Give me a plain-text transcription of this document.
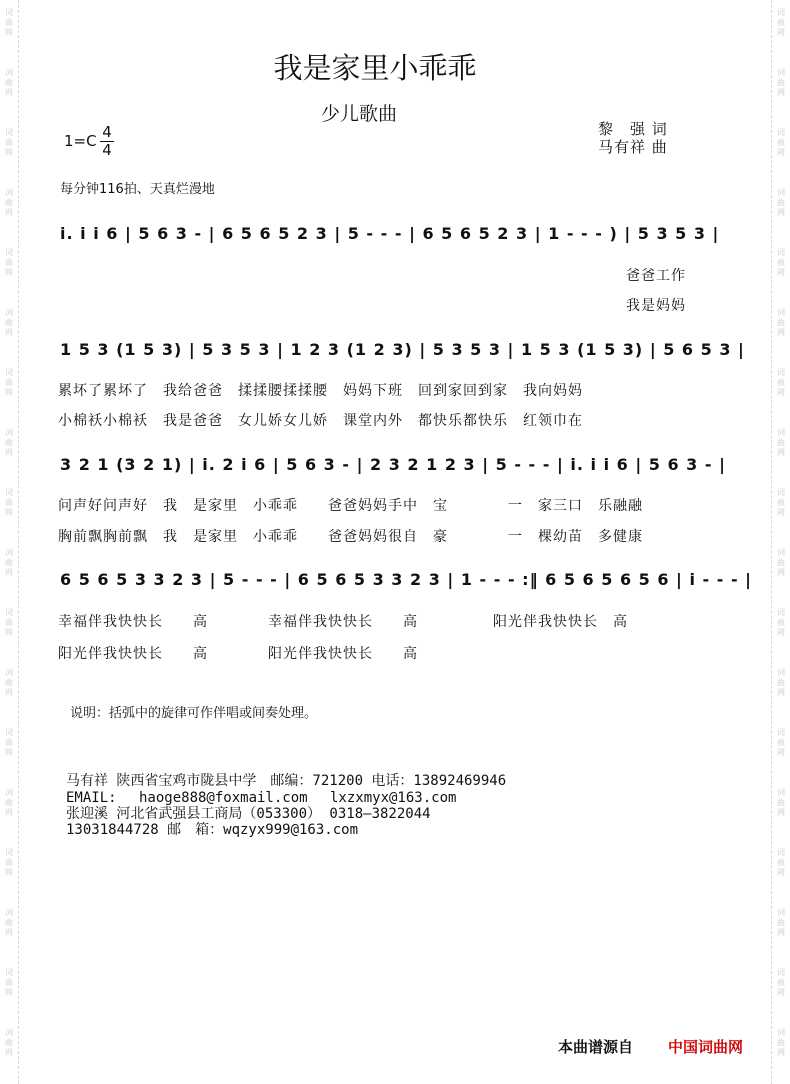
词
曲
网
词
曲
网
词
曲
网
词
曲
网
词
曲
网
词
曲
网
词
曲
网
词
曲
网
词
曲
网
词
曲
网
词
曲
网
词
曲
网
词
曲
网
词
曲
网
词
曲
网
词
曲
网
词
曲
网
词
曲
网
词
曲
网
词
曲
网
词
曲
网
词
曲
网
词
曲
网
词
曲
网
词
曲
网
词
曲
网
词
曲
网
词
曲
网
词
曲
网
词
曲
网
词
曲
网
词
曲
网
词
曲
网
词
曲
网
词
曲
网
词
曲
网
我是家里小乖乖
少儿歌曲
$1=C \frac{4}{4}$	黎　强 词
马有祥 曲
每分钟116拍、天真烂漫地
i. i i 6 | 5 6 3 - | 6 5 6 5 2 3 | 5 - - - | 6 5 6 5 2 3 | 1 - - - ) | 5 3 5 3 |
爸爸工作
我是妈妈
1 5 3 (1 5 3) | 5 3 5 3 | 1 2 3 (1 2 3) | 5 3 5 3 | 1 5 3 (1 5 3) | 5 6 5 3 |
累坏了累坏了　我给爸爸　揉揉腰揉揉腰　妈妈下班　回到家回到家　我向妈妈
小棉袄小棉袄　我是爸爸　女儿娇女儿娇　课堂内外　都快乐都快乐　红领巾在
3 2 1 (3 2 1) | i. 2 i 6 | 5 6 3 - | 2 3 2 1 2 3 | 5 - - - | i. i i 6 | 5 6 3 - |
问声好问声好　我　是家里　小乖乖　　爸爸妈妈手中　宝　　　　一　家三口　乐融融
胸前飘胸前飘　我　是家里　小乖乖　　爸爸妈妈很自　豪　　　　一　棵幼苗　多健康
6 5 6 5 3 3 2 3 | 5 - - - | 6 5 6 5 3 3 2 3 | 1 - - - :‖ 6 5 6 5 6 5 6 | i - - - |
幸福伴我快快长　　高　　　　幸福伴我快快长　　高　　　　　阳光伴我快快长　高
阳光伴我快快长　　高　　　　阳光伴我快快长　　高
说明：括弧中的旋律可作伴唱或间奏处理。
马有祥 陕西省宝鸡市陇县中学　邮编：721200 电话：13892469946
EMAIL:　 haoge888@foxmail.com　 lxzxmyx@163.com
张迎溪 河北省武强县工商局（053300） 0318—3822044
13031844728 邮　箱：wqzyx999@163.com
本曲谱源自 中国词曲网
